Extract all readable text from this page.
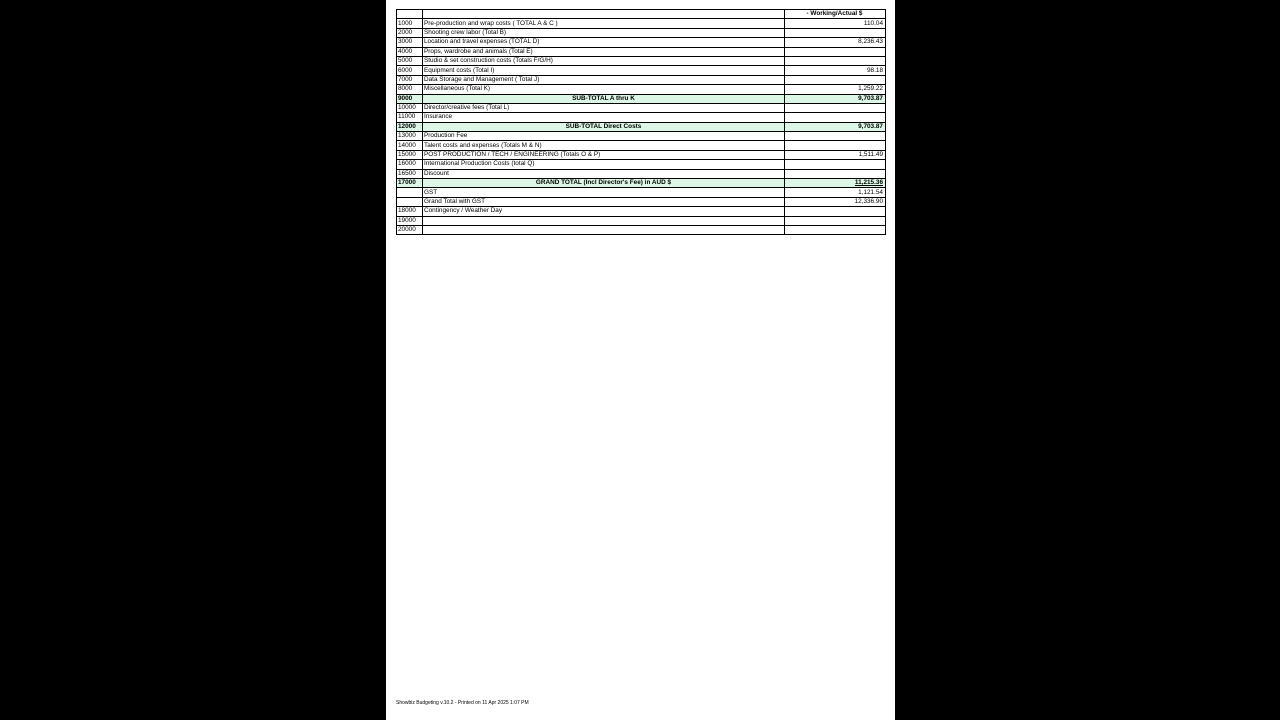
		- Working/Actual $
1000	Pre-production and wrap costs ( TOTAL A & C )	110.04
2000	Shooting crew labor (Total B)	
3000	Location and travel expenses (TOTAL D)	8,236.43
4000	Props, wardrobe and animals (Total E)	
5000	Studio & set construction costs (Totals F/G/H)	
6000	Equipment costs (Total I)	98.18
7000	Data Storage and Management ( Total J)	
8000	Miscellaneous (Total K)	1,259.22
9000	SUB-TOTAL A thru K	9,703.87
10000	Director/creative fees (Total L)	
11000	Insurance	
12000	SUB-TOTAL Direct Costs	9,703.87
13000	Production Fee	
14000	Talent costs and expenses (Totals M & N)	
15000	POST PRODUCTION / TECH / ENGINEERING (Totals O & P)	1,511.49
16000	International Production Costs (total Q)	
16500	Discount	
17000	GRAND TOTAL (Incl Director's Fee) in AUD $	11,215.36
	GST	1,121.54
	Grand Total with GST	12,336.90
18000	Contingency / Weather Day	
19000		
20000		
Showbiz Budgeting v.10.2 - Printed on 11 Apr 2025 1:07 PM
